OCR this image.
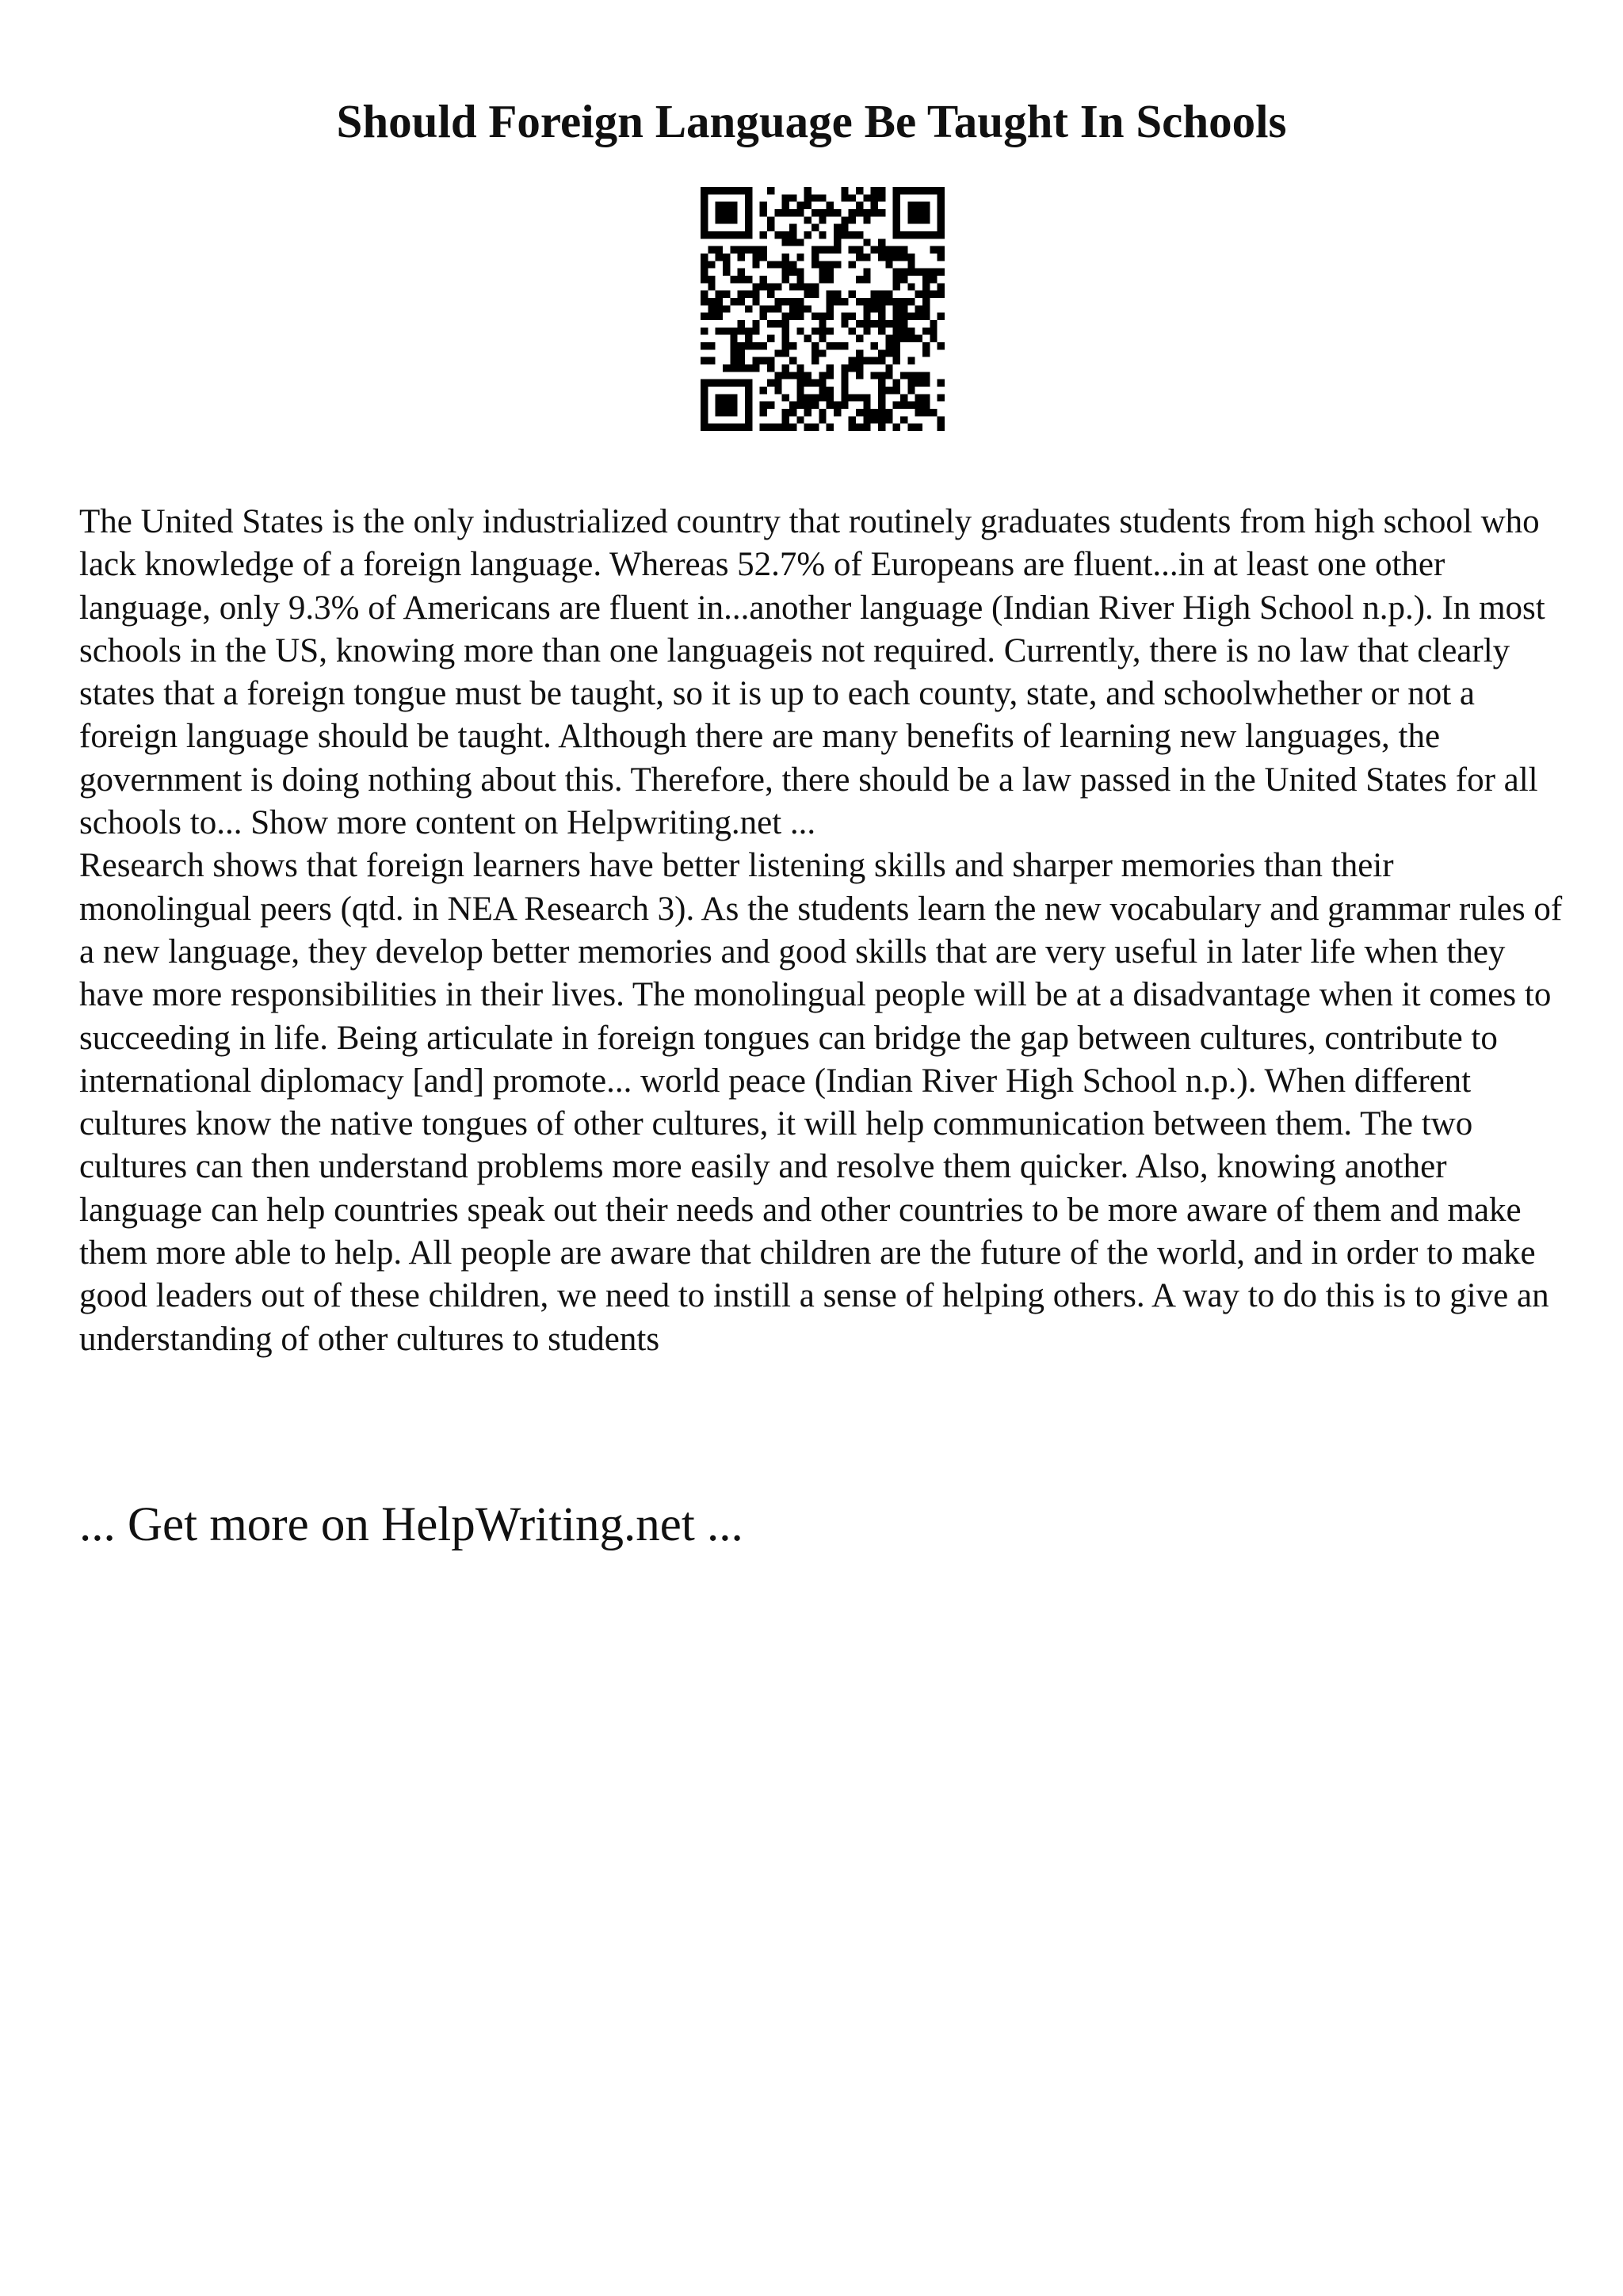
Should Foreign Language Be Taught In Schools

The United States is the only industrialized country that routinely graduates students from high school who lack knowledge of a foreign language. Whereas 52.7% of Europeans are fluent...in at least one other language, only 9.3% of Americans are fluent in...another language (Indian River High School n.p.). In most schools in the US, knowing more than one languageis not required. Currently, there is no law that clearly states that a foreign tongue must be taught, so it is up to each county, state, and schoolwhether or not a foreign language should be taught. Although there are many benefits of learning new languages, the government is doing nothing about this. Therefore, there should be a law passed in the United States for all schools to... Show more content on Helpwriting.net ...

Research shows that foreign learners have better listening skills and sharper memories than their monolingual peers (qtd. in NEA Research 3). As the students learn the new vocabulary and grammar rules of a new language, they develop better memories and good skills that are very useful in later life when they have more responsibilities in their lives. The monolingual people will be at a disadvantage when it comes to succeeding in life. Being articulate in foreign tongues can bridge the gap between cultures, contribute to international diplomacy [and] promote... world peace (Indian River High School n.p.). When different cultures know the native tongues of other cultures, it will help communication between them. The two cultures can then understand problems more easily and resolve them quicker. Also, knowing another language can help countries speak out their needs and other countries to be more aware of them and make them more able to help. All people are aware that children are the future of the world, and in order to make good leaders out of these children, we need to instill a sense of helping others. A way to do this is to give an understanding of other cultures to students

... Get more on HelpWriting.net ...
